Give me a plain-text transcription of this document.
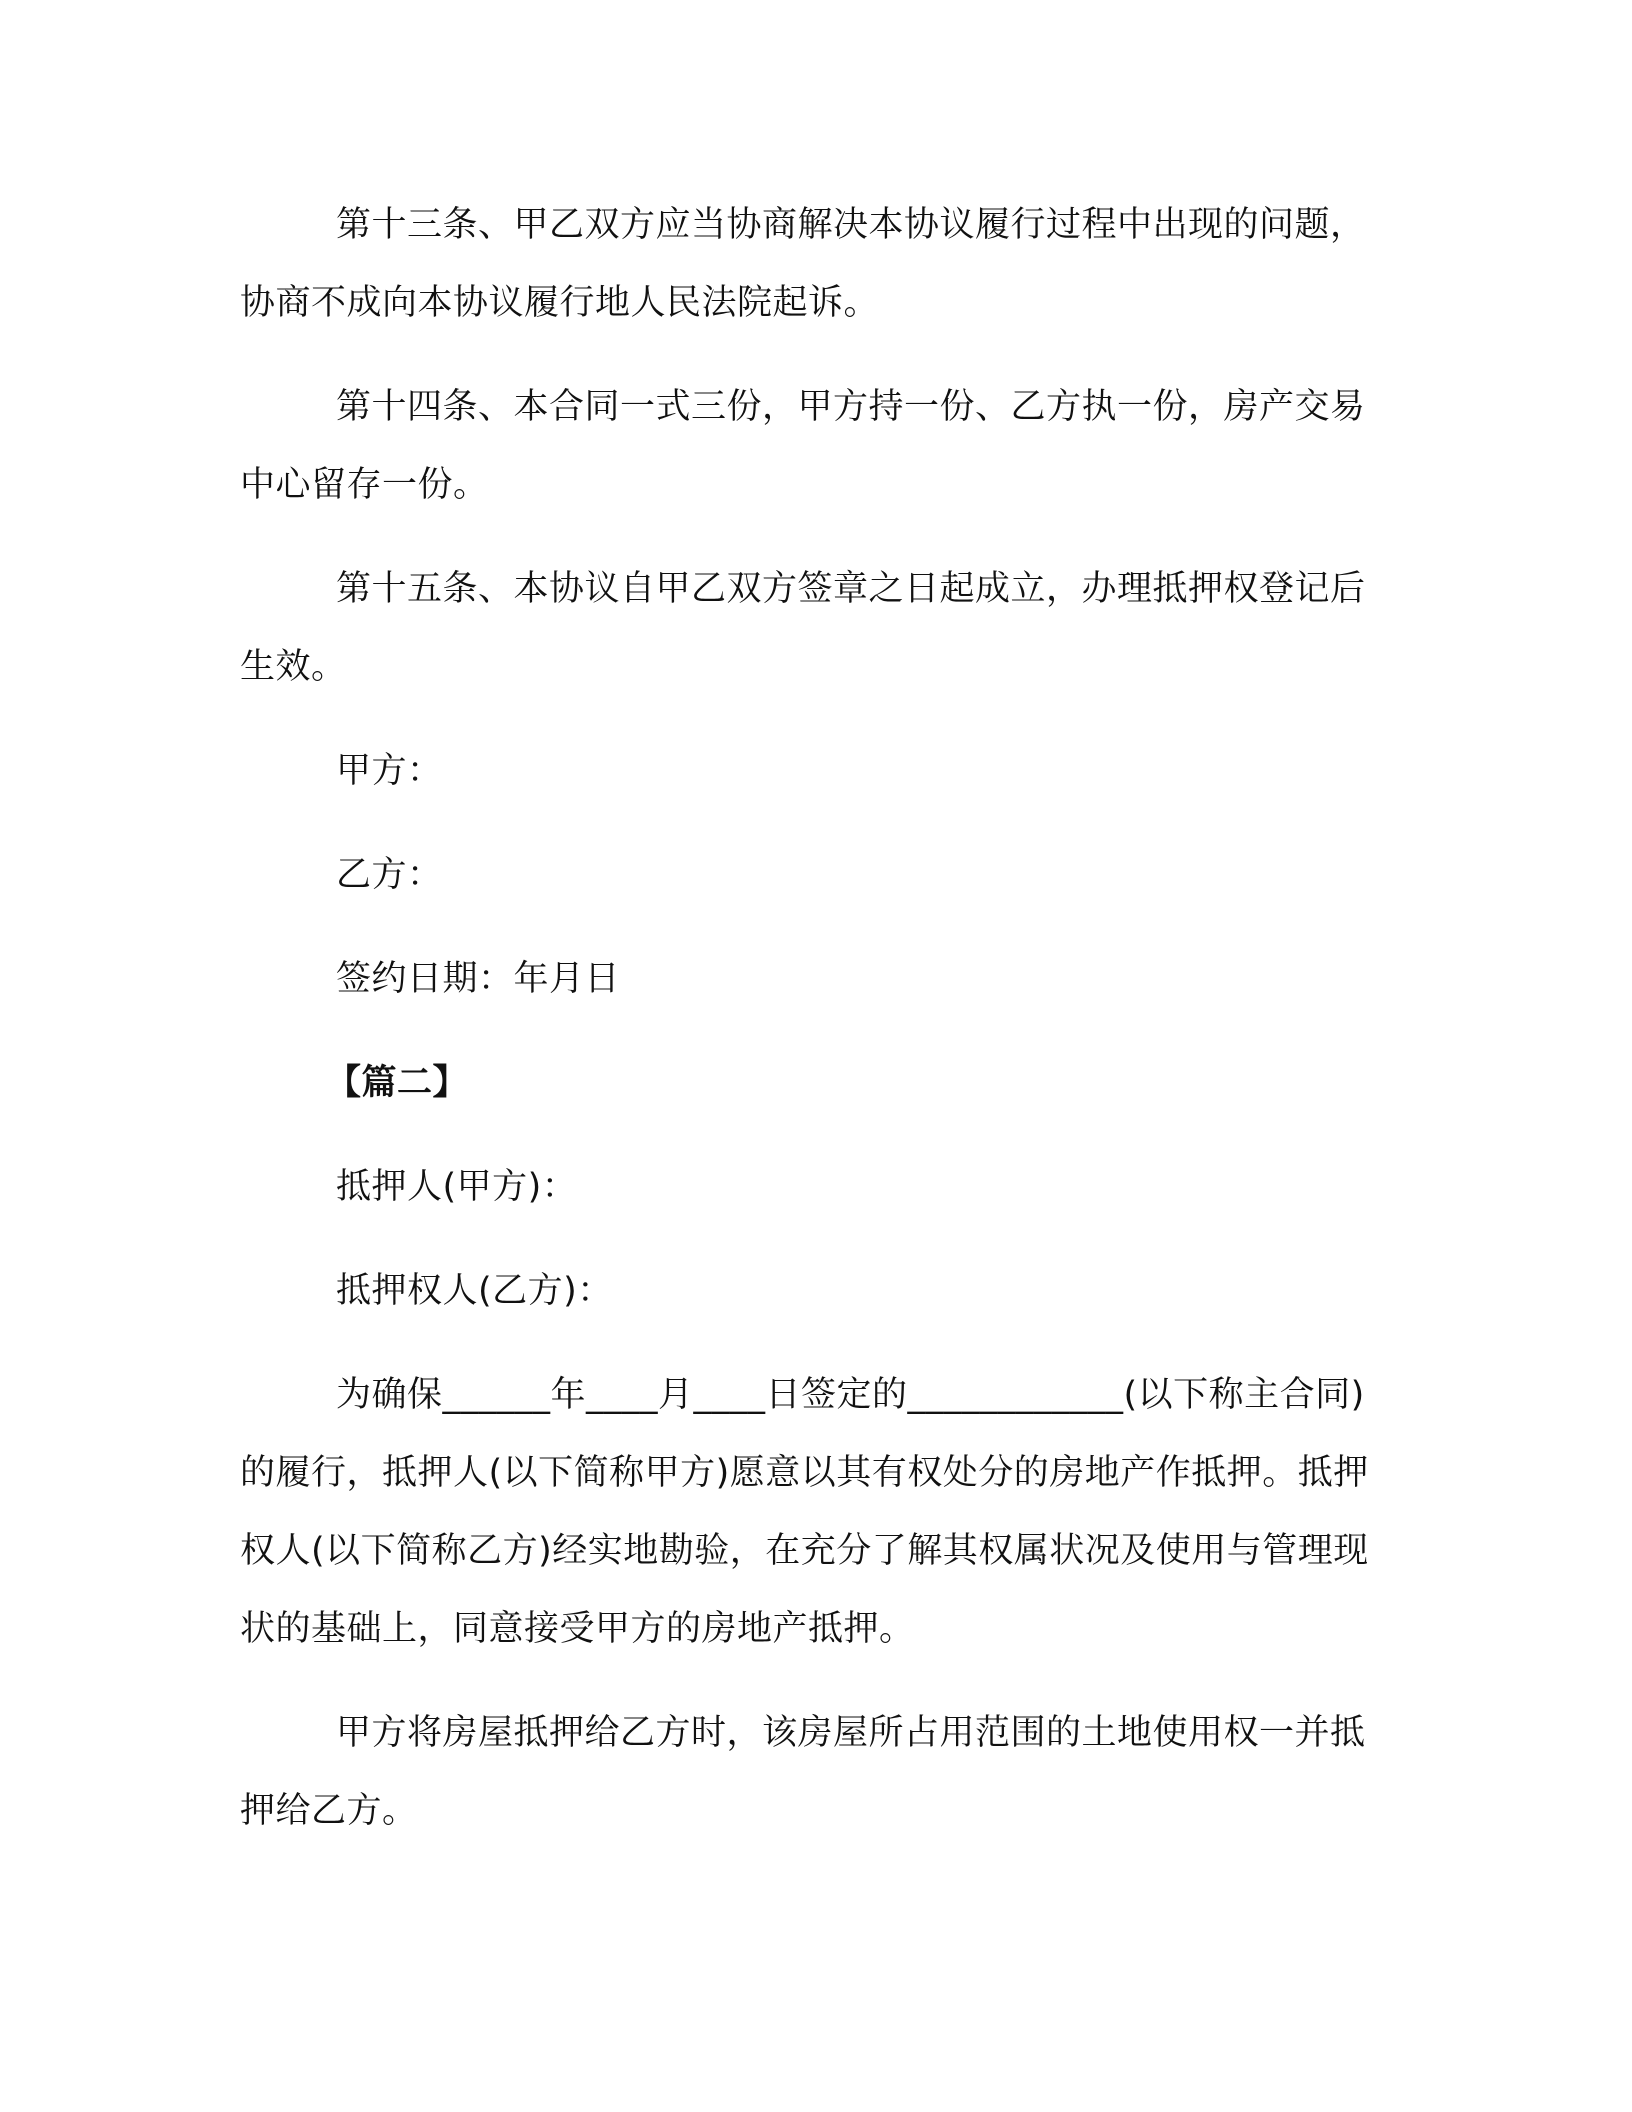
第十三条、甲乙双方应当协商解决本协议履行过程中出现的问题，协商不成向本协议履行地人民法院起诉。

第十四条、本合同一式三份，甲方持一份、乙方执一份，房产交易中心留存一份。

第十五条、本协议自甲乙双方签章之日起成立，办理抵押权登记后生效。

甲方：

乙方：

签约日期：年月日

【篇二】

抵押人(甲方)：

抵押权人(乙方)：

为确保______年____月____日签定的____________(以下称主合同)的履行，抵押人(以下简称甲方)愿意以其有权处分的房地产作抵押。抵押权人(以下简称乙方)经实地勘验，在充分了解其权属状况及使用与管理现状的基础上，同意接受甲方的房地产抵押。

甲方将房屋抵押给乙方时，该房屋所占用范围的土地使用权一并抵押给乙方。
